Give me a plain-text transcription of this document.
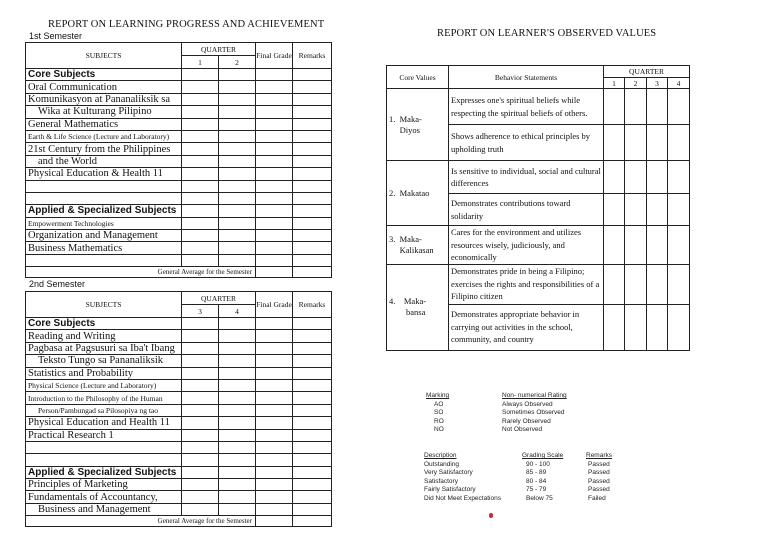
REPORT ON LEARNING PROGRESS AND ACHIEVEMENT
1st Semester
SUBJECTS	QUARTER		Final Grade	Remarks
	1	2		
Core Subjects				
Oral Communication				
Komunikasyon at Pananaliksik sa				
Wika at Kulturang Pilipino				
General Mathematics				
Earth & Life Science (Lecture and Laboratory)				
21st Century from the Philippines				
and the World				
Physical Education & Health 11				

Applied & Specialized Subjects				
Empowerment Technologies				
Organization and Management				
Business Mathematics				

General Average for the Semester				
2nd Semester
SUBJECTS	QUARTER		Final Grade	Remarks
	3	4		
Core Subjects				
Reading and Writing				
Pagbasa at Pagsusuri sa Iba't Ibang				
Teksto Tungo sa Pananaliksik				
Statistics and Probability				
Physical Science (Lecture and Laboratory)				
Introduction to the Philosophy of the Human				
Person/Pambungad sa Pilosopiya ng tao				
Physical Education and Health 11				
Practical Research 1				

Applied & Specialized Subjects				
Principles of Marketing				
Fundamentals of Accountancy,				
Business and Management				
General Average for the Semester				
REPORT ON LEARNER'S OBSERVED VALUES
Core Values	Behavior Statements	QUARTER			
		1	2	3	4
1.  Maka-
Diyos	Expresses one's spiritual beliefs while respecting the spiritual beliefs of others.				
	Shows adherence to ethical principles by upholding truth				
2.  Makatao	Is sensitive to individual, social and cultural differences				
	Demonstrates contributions toward solidarity				
3.  Maka-
Kalikasan	Cares for the environment and utilizes resources wisely, judiciously, and economically				
4.    Maka-
bansa	Demonstrates pride in being a Filipino; exercises the rights and responsibilities of a Filipino citizen				
	Demonstrates appropriate behavior in carrying out activities in the school, community, and country				
Marking	Non- numerical Rating
AO	Always Observed
SO	Sometimes Observed
RO	Rarely Observed
NO	Not Observed
Description	Grading Scale	Remarks
Outstanding	90 - 100	Passed
Very Satisfactory	85 - 89	Passed
Satisfactory	80 - 84	Passed
Fairly Satisfactory	75 - 79	Passed
Did Not Meet Expectations	Below 75	Failed
